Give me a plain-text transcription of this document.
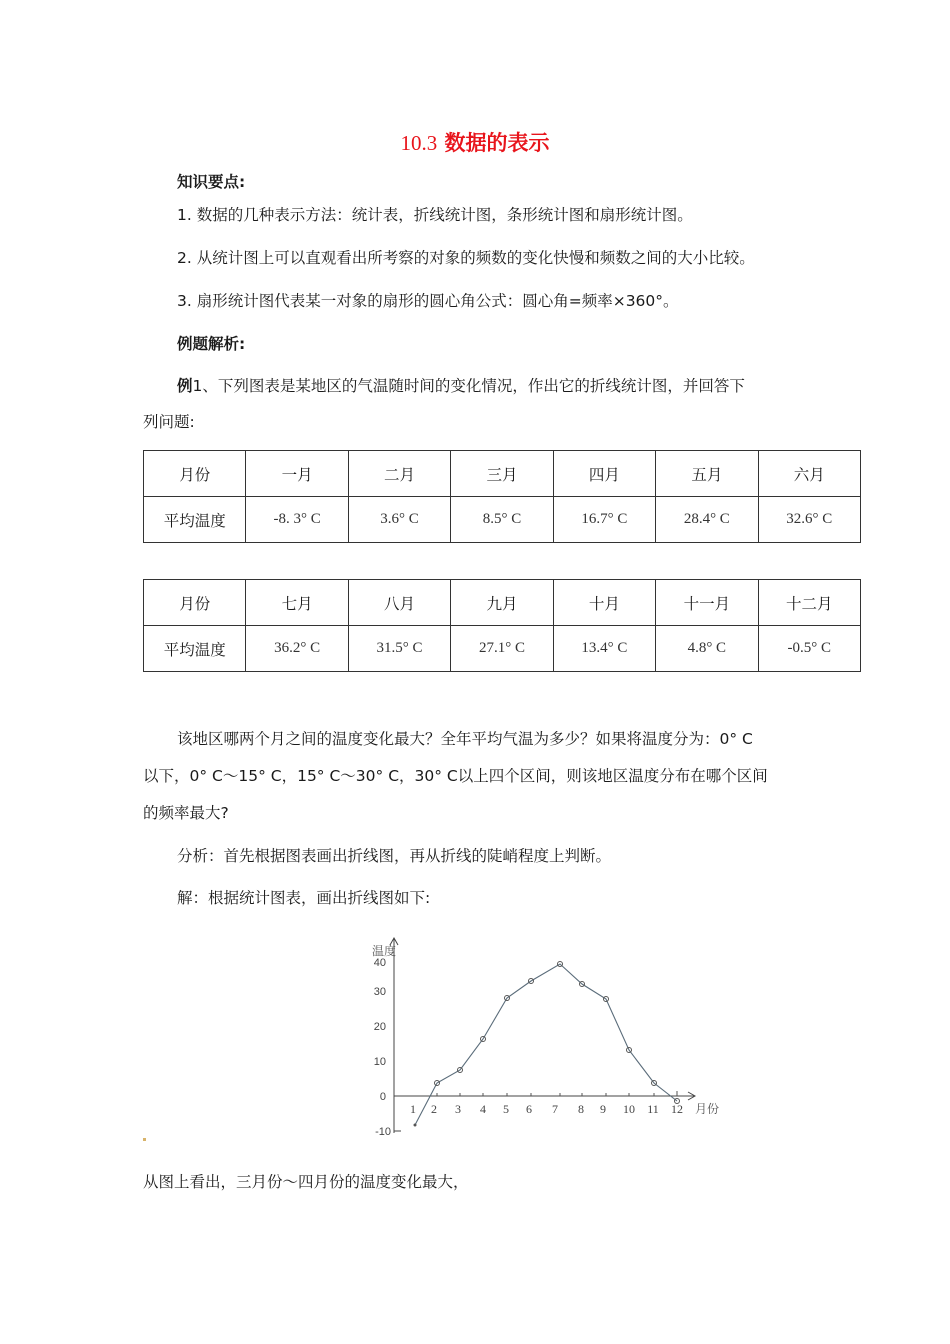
10.3 数据的表示
知识要点:
1. 数据的几种表示方法：统计表，折线统计图，条形统计图和扇形统计图。
2. 从统计图上可以直观看出所考察的对象的频数的变化快慢和频数之间的大小比较。
3. 扇形统计图代表某一对象的扇形的圆心角公式：圆心角=频率×360°。
例题解析:
例1、下列图表是某地区的气温随时间的变化情况，作出它的折线统计图，并回答下
列问题:
月份	一月	二月	三月	四月	五月	六月
平均温度	-8. 3° C	3.6° C	8.5° C	16.7° C	28.4° C	32.6° C
月份	七月	八月	九月	十月	十一月	十二月
平均温度	36.2° C	31.5° C	27.1° C	13.4° C	4.8° C	-0.5° C
该地区哪两个月之间的温度变化最大？全年平均气温为多少？如果将温度分为：0° C
以下，0° C～15° C，15° C～30° C，30° C以上四个区间，则该地区温度分布在哪个区间
的频率最大?
分析：首先根据图表画出折线图，再从折线的陡峭程度上判断。
解：根据统计图表，画出折线图如下:
40
30
20
10
0
-10
温度
1 2 3 4 5 6 7 8 9 10 11 12 月份
从图上看出，三月份～四月份的温度变化最大，
